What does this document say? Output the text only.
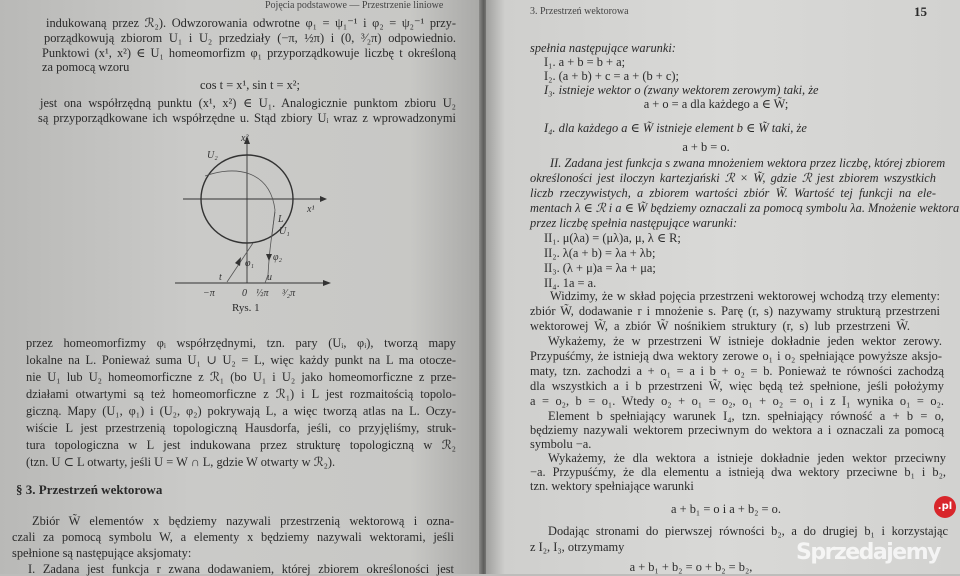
Pojęcia podstawowe — Przestrzenie liniowe
indukowaną przez ℛ₂). Odwzorowania odwrotne φ₁ = ψ₁⁻¹ i φ₂ = ψ₂⁻¹ przy-
porządkowują zbiorom U₁ i U₂ przedziały (−π, ½π) i (0, ³⁄₂π) odpowiednio.
Punktowi (x¹, x²) ∈ U₁ homeomorfizm φ₁ przyporządkowuje liczbę t określoną
za pomocą wzoru
cos t = x¹, sin t = x²;
jest ona współrzędną punktu (x¹, x²) ∈ U₁. Analogicznie punktom zbioru U₂
są przyporządkowane ich współrzędne u. Stąd zbiory Uᵢ wraz z wprowadzonymi
przez homeomorfizmy φᵢ współrzędnymi, tzn. pary (Uᵢ, φᵢ), tworzą mapy
lokalne na L. Ponieważ suma U₁ ∪ U₂ = L, więc każdy punkt na L ma otocze-
nie U₁ lub U₂ homeomorficzne z ℛ₁ (bo U₁ i U₂ jako homeomorficzne z prze-
działami otwartymi są też homeomorficzne z ℛ₁) i L jest rozmaitością topolo-
giczną. Mapy (U₁, φ₁) i (U₂, φ₂) pokrywają L, a więc tworzą atlas na L. Oczy-
wiście L jest przestrzenią topologiczną Hausdorfa, jeśli, co przyjęliśmy, struk-
tura topologiczna w L jest indukowana przez strukturę topologiczną w ℛ₂
(tzn. U ⊂ L otwarty, jeśli U = W ∩ L, gdzie W otwarty w ℛ₂).
Zbiór W̃ elementów x będziemy nazywali przestrzenią wektorową i ozna-
czali za pomocą symbolu W, a elementy x będziemy nazywali wektorami, jeśli
spełnione są następujące aksjomaty:
I. Zadana jest funkcja r zwana dodawaniem, której zbiorem określoności jest
x²
x¹
U₂
L
U₁
φ₁
φ₂
t	u
−π	0 ½π ³⁄₂π
Rys. 1
§ 3. Przestrzeń wektorowa
3. Przestrzeń wektorowa	15
spełnia następujące warunki:
I₁. a + b = b + a;
I₂. (a + b) + c = a + (b + c);
I₃. istnieje wektor o (zwany wektorem zerowym) taki, że
a + o = a dla każdego a ∈ W̃;
I₄. dla każdego a ∈ W̃ istnieje element b ∈ W̃ taki, że
a + b = o.
II. Zadana jest funkcja s zwana mnożeniem wektora przez liczbę, której zbiorem
określoności jest iloczyn kartezjański ℛ × W̃, gdzie ℛ jest zbiorem wszystkich
liczb rzeczywistych, a zbiorem wartości zbiór W̃. Wartość tej funkcji na ele-
mentach λ ∈ ℛ i a ∈ W̃ będziemy oznaczali za pomocą symbolu λa. Mnożenie wektora
przez liczbę spełnia następujące warunki:
II₁. μ(λa) = (μλ)a, μ, λ ∈ R;
II₂. λ(a + b) = λa + λb;
II₃. (λ + μ)a = λa + μa;
II₄. 1a = a.
Widzimy, że w skład pojęcia przestrzeni wektorowej wchodzą trzy elementy:
zbiór W̃, dodawanie r i mnożenie s. Parę (r, s) nazywamy strukturą przestrzeni
wektorowej W̃, a zbiór W̃ nośnikiem struktury (r, s) lub przestrzeni W̃.
Wykażemy, że w przestrzeni W istnieje dokładnie jeden wektor zerowy.
Przypuśćmy, że istnieją dwa wektory zerowe o₁ i o₂ spełniające powyższe aksjo-
maty, tzn. zachodzi a + o₁ = a i b + o₂ = b. Ponieważ te równości zachodzą
dla wszystkich a i b przestrzeni W̃, więc będą też spełnione, jeśli położymy
a = o₂, b = o₁. Wtedy o₂ + o₁ = o₂, o₁ + o₂ = o₁ i z I₁ wynika o₁ = o₂.
Element b spełniający warunek I₄, tzn. spełniający równość a + b = o,
będziemy nazywali wektorem przeciwnym do wektora a i oznaczali za pomocą
symbolu −a.
Wykażemy, że dla wektora a istnieje dokładnie jeden wektor przeciwny
−a. Przypuśćmy, że dla elementu a istnieją dwa wektory przeciwne b₁ i b₂,
tzn. wektory spełniające warunki
a + b₁ = o i a + b₂ = o.
Dodając stronami do pierwszej równości b₂, a do drugiej b₁ i korzystając
z I₂, I₃, otrzymamy
a + b₁ + b₂ = o + b₂ = b₂,
Sprzedajemy
.pl
